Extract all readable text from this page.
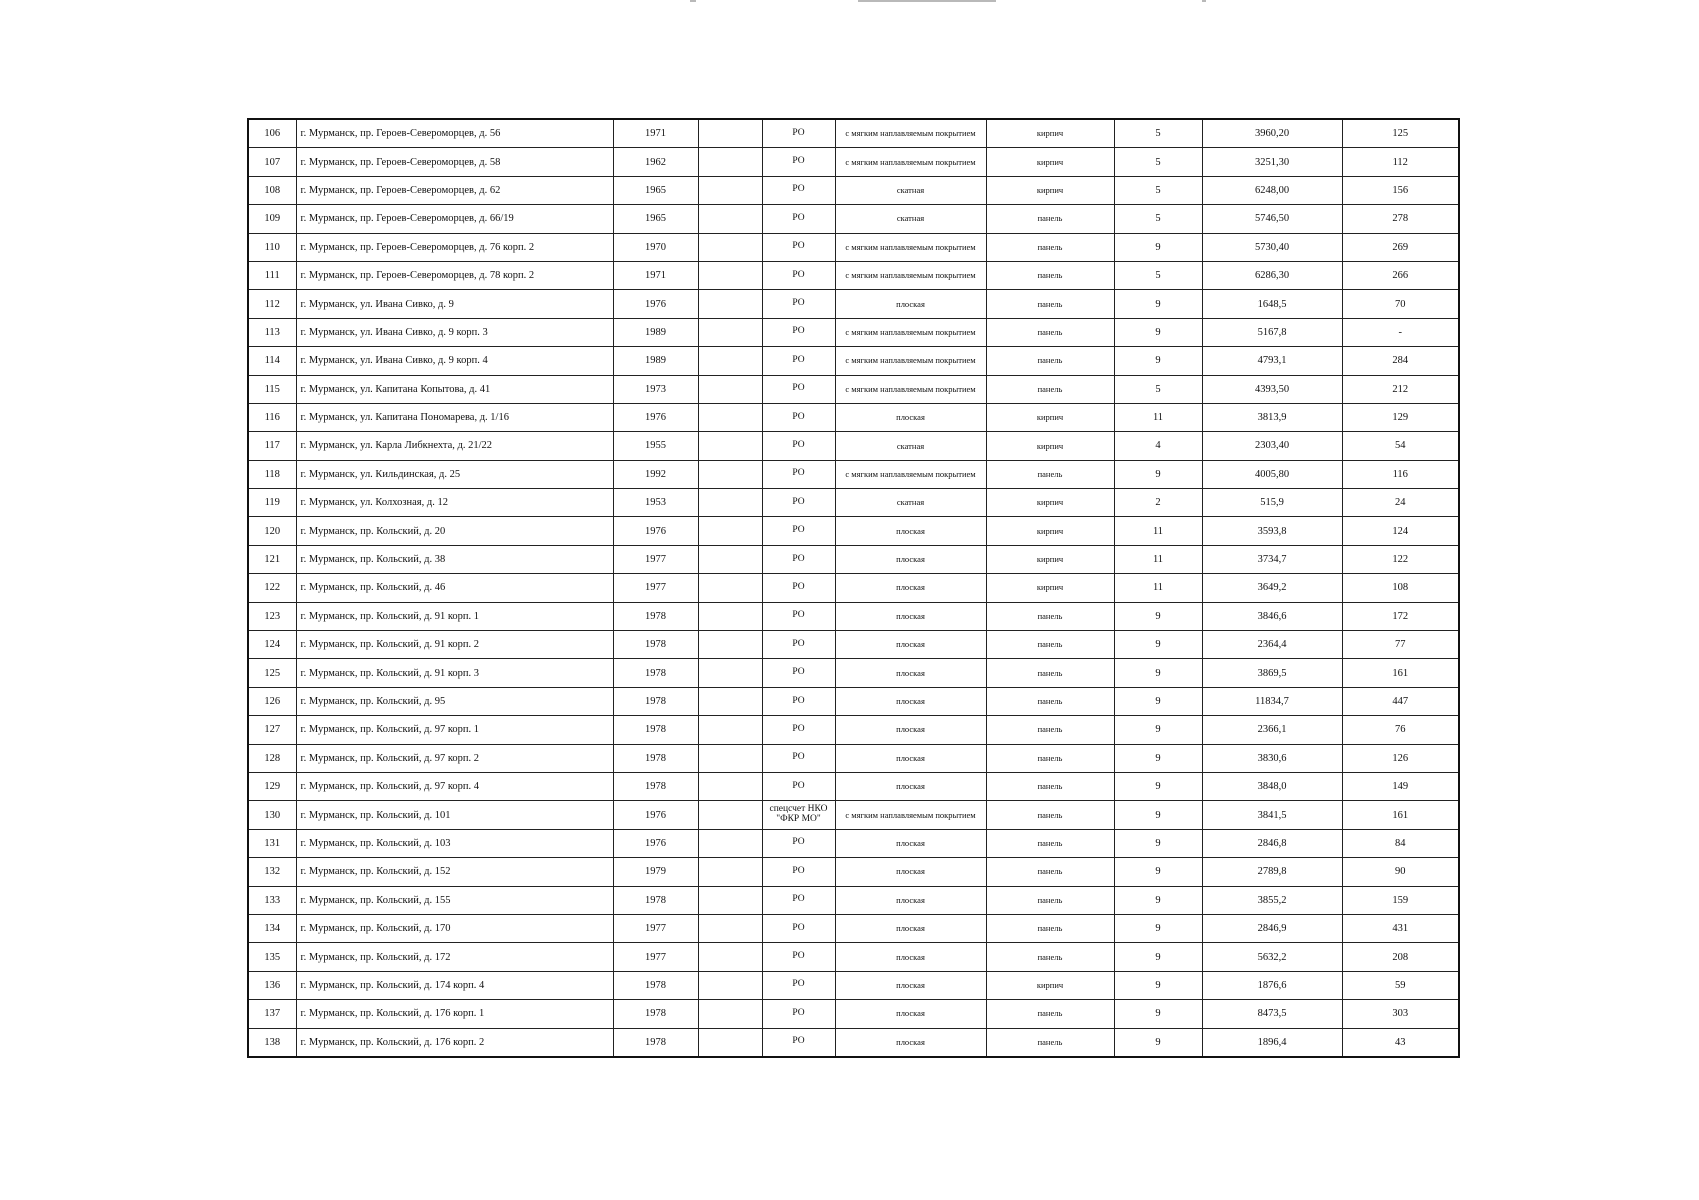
106	г. Мурманск, пр. Героев-Североморцев, д. 56	1971		РО	с мягким наплавляемым покрытием	кирпич	5	3960,20	125
107	г. Мурманск, пр. Героев-Североморцев, д. 58	1962		РО	с мягким наплавляемым покрытием	кирпич	5	3251,30	112
108	г. Мурманск, пр. Героев-Североморцев, д. 62	1965		РО	скатная	кирпич	5	6248,00	156
109	г. Мурманск, пр. Героев-Североморцев, д. 66/19	1965		РО	скатная	панель	5	5746,50	278
110	г. Мурманск, пр. Героев-Североморцев, д. 76 корп. 2	1970		РО	с мягким наплавляемым покрытием	панель	9	5730,40	269
111	г. Мурманск, пр. Героев-Североморцев, д. 78 корп. 2	1971		РО	с мягким наплавляемым покрытием	панель	5	6286,30	266
112	г. Мурманск, ул. Ивана Сивко, д. 9	1976		РО	плоская	панель	9	1648,5	70
113	г. Мурманск, ул. Ивана Сивко, д. 9 корп. 3	1989		РО	с мягким наплавляемым покрытием	панель	9	5167,8	-
114	г. Мурманск, ул. Ивана Сивко, д. 9 корп. 4	1989		РО	с мягким наплавляемым покрытием	панель	9	4793,1	284
115	г. Мурманск, ул. Капитана Копытова, д. 41	1973		РО	с мягким наплавляемым покрытием	панель	5	4393,50	212
116	г. Мурманск, ул. Капитана Пономарева, д. 1/16	1976		РО	плоская	кирпич	11	3813,9	129
117	г. Мурманск, ул. Карла Либкнехта, д. 21/22	1955		РО	скатная	кирпич	4	2303,40	54
118	г. Мурманск, ул. Кильдинская, д. 25	1992		РО	с мягким наплавляемым покрытием	панель	9	4005,80	116
119	г. Мурманск, ул. Колхозная, д. 12	1953		РО	скатная	кирпич	2	515,9	24
120	г. Мурманск, пр. Кольский, д. 20	1976		РО	плоская	кирпич	11	3593,8	124
121	г. Мурманск, пр. Кольский, д. 38	1977		РО	плоская	кирпич	11	3734,7	122
122	г. Мурманск, пр. Кольский, д. 46	1977		РО	плоская	кирпич	11	3649,2	108
123	г. Мурманск, пр. Кольский, д. 91 корп. 1	1978		РО	плоская	панель	9	3846,6	172
124	г. Мурманск, пр. Кольский, д. 91 корп. 2	1978		РО	плоская	панель	9	2364,4	77
125	г. Мурманск, пр. Кольский, д. 91 корп. 3	1978		РО	плоская	панель	9	3869,5	161
126	г. Мурманск, пр. Кольский, д. 95	1978		РО	плоская	панель	9	11834,7	447
127	г. Мурманск, пр. Кольский, д. 97 корп. 1	1978		РО	плоская	панель	9	2366,1	76
128	г. Мурманск, пр. Кольский, д. 97 корп. 2	1978		РО	плоская	панель	9	3830,6	126
129	г. Мурманск, пр. Кольский, д. 97 корп. 4	1978		РО	плоская	панель	9	3848,0	149
130	г. Мурманск, пр. Кольский, д. 101	1976		спецсчет НКО "ФКР МО"	с мягким наплавляемым покрытием	панель	9	3841,5	161
131	г. Мурманск, пр. Кольский, д. 103	1976		РО	плоская	панель	9	2846,8	84
132	г. Мурманск, пр. Кольский, д. 152	1979		РО	плоская	панель	9	2789,8	90
133	г. Мурманск, пр. Кольский, д. 155	1978		РО	плоская	панель	9	3855,2	159
134	г. Мурманск, пр. Кольский, д. 170	1977		РО	плоская	панель	9	2846,9	431
135	г. Мурманск, пр. Кольский, д. 172	1977		РО	плоская	панель	9	5632,2	208
136	г. Мурманск, пр. Кольский, д. 174 корп. 4	1978		РО	плоская	кирпич	9	1876,6	59
137	г. Мурманск, пр. Кольский, д. 176 корп. 1	1978		РО	плоская	панель	9	8473,5	303
138	г. Мурманск, пр. Кольский, д. 176 корп. 2	1978		РО	плоская	панель	9	1896,4	43
